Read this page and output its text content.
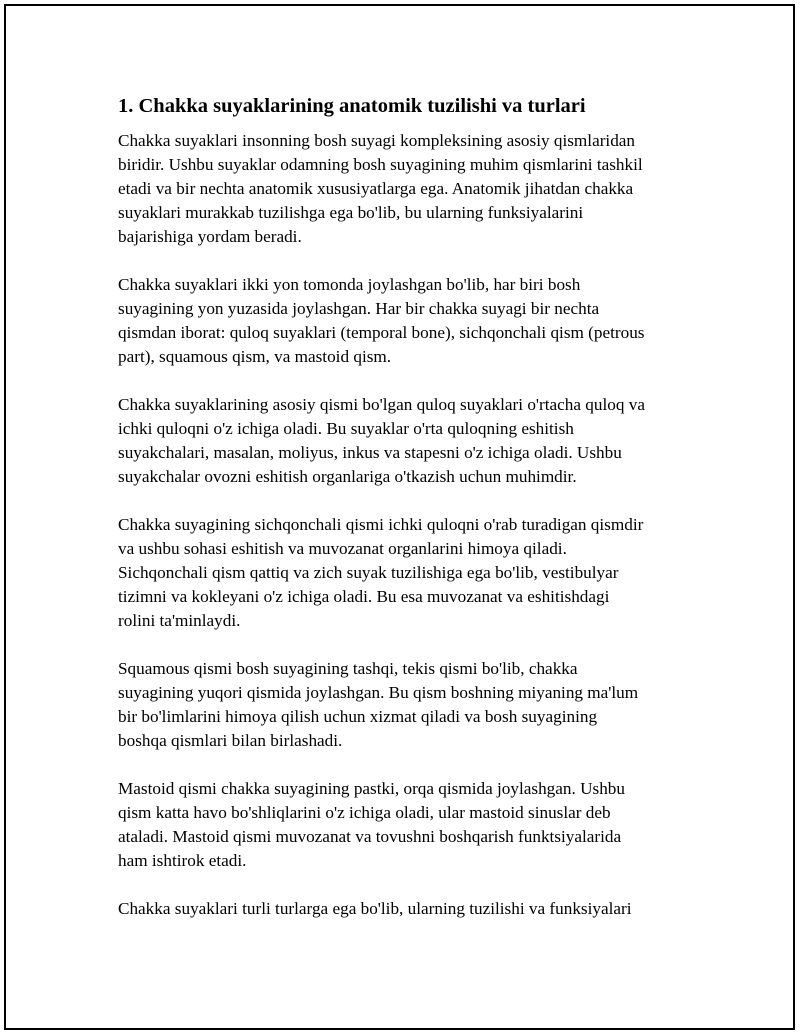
1. Chakka suyaklarining anatomik tuzilishi va turlari

Chakka suyaklari insonning bosh suyagi kompleksining asosiy qismlaridan
biridir. Ushbu suyaklar odamning bosh suyagining muhim qismlarini tashkil
etadi va bir nechta anatomik xususiyatlarga ega. Anatomik jihatdan chakka
suyaklari murakkab tuzilishga ega bo'lib, bu ularning funksiyalarini
bajarishiga yordam beradi.

Chakka suyaklari ikki yon tomonda joylashgan bo'lib, har biri bosh
suyagining yon yuzasida joylashgan. Har bir chakka suyagi bir nechta
qismdan iborat: quloq suyaklari (temporal bone), sichqonchali qism (petrous
part), squamous qism, va mastoid qism.

Chakka suyaklarining asosiy qismi bo'lgan quloq suyaklari o'rtacha quloq va
ichki quloqni o'z ichiga oladi. Bu suyaklar o'rta quloqning eshitish
suyakchalari, masalan, moliyus, inkus va stapesni o'z ichiga oladi. Ushbu
suyakchalar ovozni eshitish organlariga o'tkazish uchun muhimdir.

Chakka suyagining sichqonchali qismi ichki quloqni o'rab turadigan qismdir
va ushbu sohasi eshitish va muvozanat organlarini himoya qiladi.
Sichqonchali qism qattiq va zich suyak tuzilishiga ega bo'lib, vestibulyar
tizimni va kokleyani o'z ichiga oladi. Bu esa muvozanat va eshitishdagi
rolini ta'minlaydi.

Squamous qismi bosh suyagining tashqi, tekis qismi bo'lib, chakka
suyagining yuqori qismida joylashgan. Bu qism boshning miyaning ma'lum
bir bo'limlarini himoya qilish uchun xizmat qiladi va bosh suyagining
boshqa qismlari bilan birlashadi.

Mastoid qismi chakka suyagining pastki, orqa qismida joylashgan. Ushbu
qism katta havo bo'shliqlarini o'z ichiga oladi, ular mastoid sinuslar deb
ataladi. Mastoid qismi muvozanat va tovushni boshqarish funktsiyalarida
ham ishtirok etadi.

Chakka suyaklari turli turlarga ega bo'lib, ularning tuzilishi va funksiyalari
